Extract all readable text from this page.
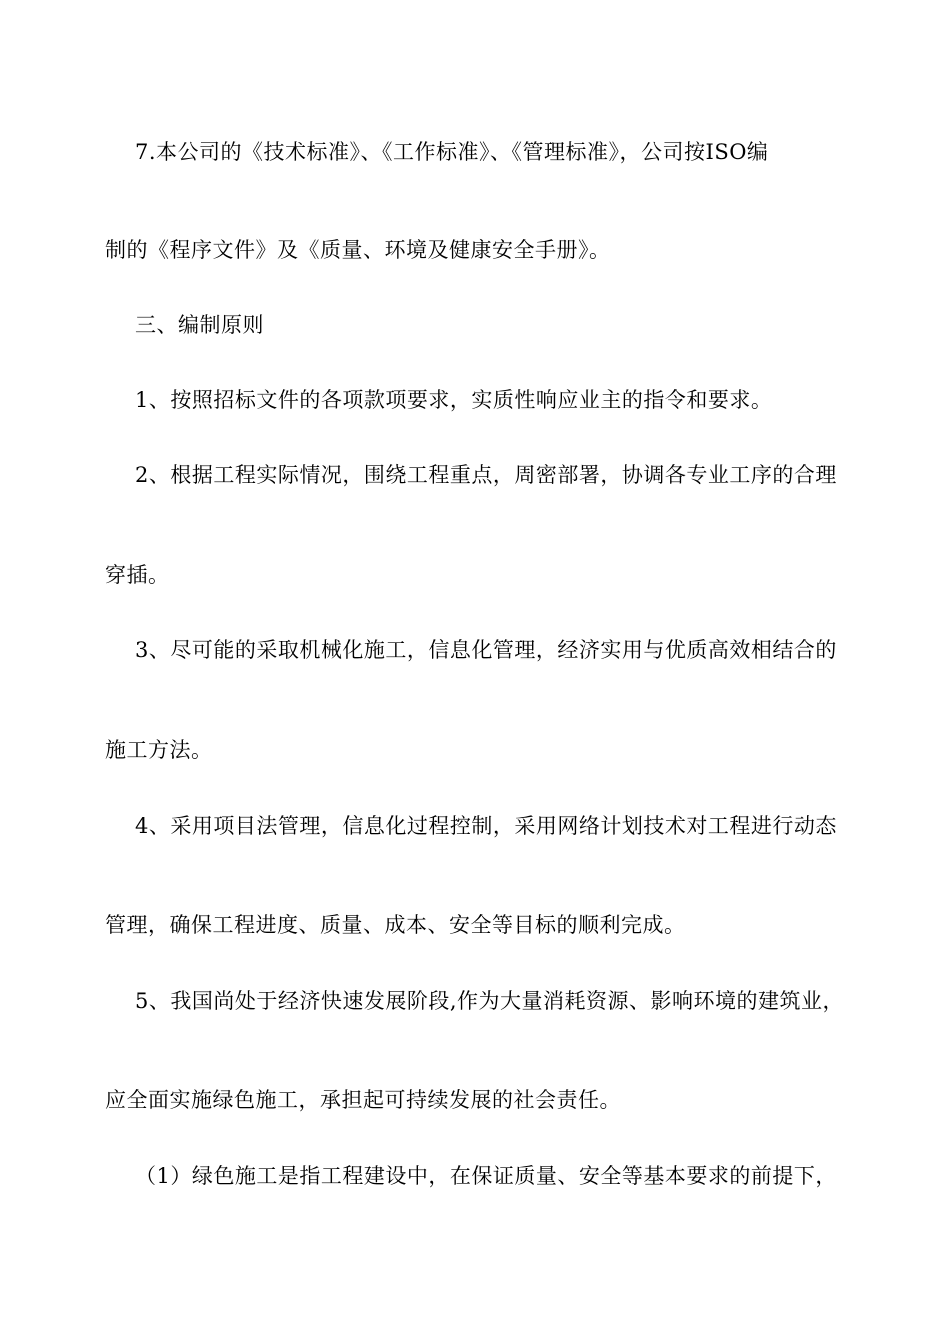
7.本公司的《技术标准》、《工作标准》、《管理标准》，公司按ISO编
制的《程序文件》及《质量、环境及健康安全手册》。
三、编制原则
1、按照招标文件的各项款项要求，实质性响应业主的指令和要求。
2、根据工程实际情况，围绕工程重点，周密部署，协调各专业工序的合理
穿插。
3、尽可能的采取机械化施工，信息化管理，经济实用与优质高效相结合的
施工方法。
4、采用项目法管理，信息化过程控制，采用网络计划技术对工程进行动态
管理，确保工程进度、质量、成本、安全等目标的顺利完成。
5、我国尚处于经济快速发展阶段,作为大量消耗资源、影响环境的建筑业，
应全面实施绿色施工，承担起可持续发展的社会责任。
（1）绿色施工是指工程建设中，在保证质量、安全等基本要求的前提下，
